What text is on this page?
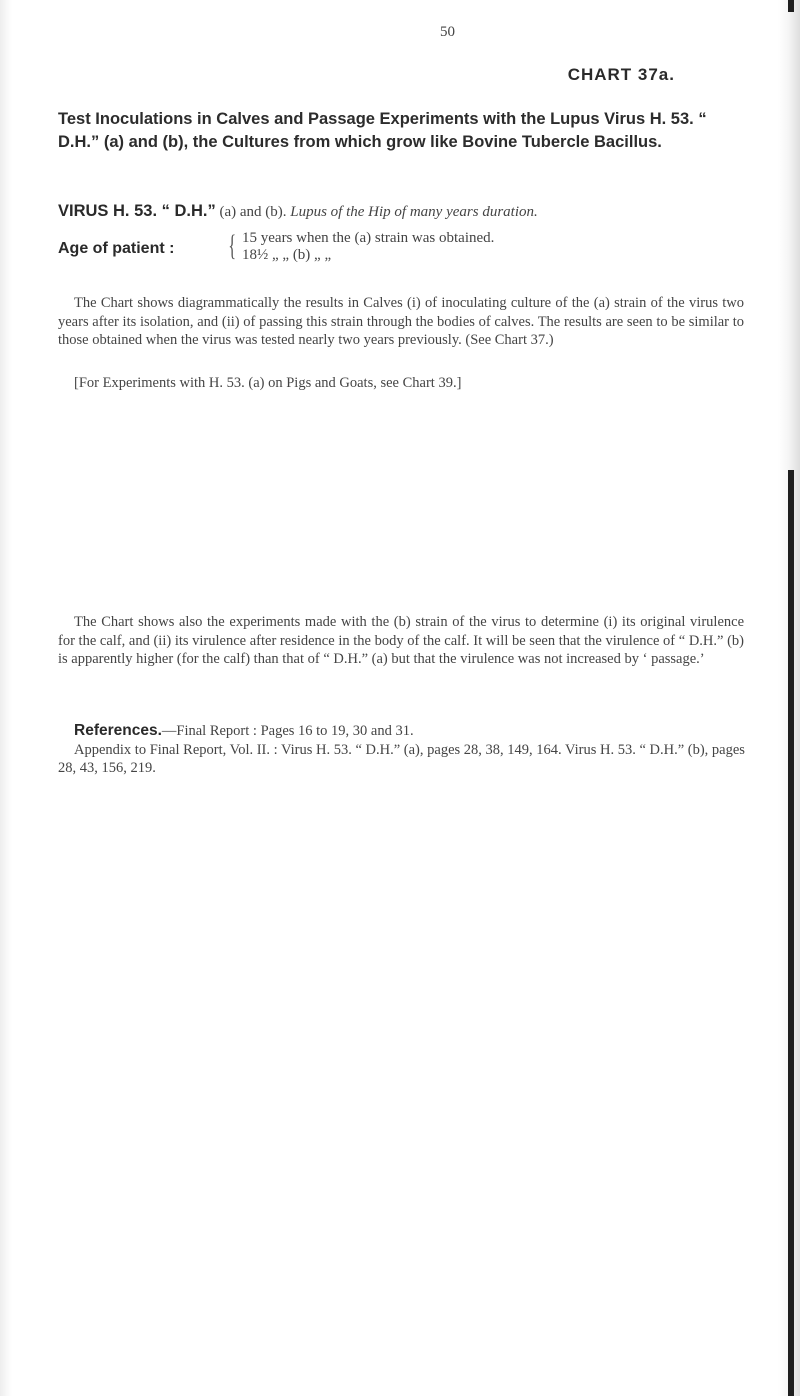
50
CHART 37a.
Test Inoculations in Calves and Passage Experiments with the Lupus Virus H. 53. “ D.H.” (a) and (b), the Cultures from which grow like Bovine Tubercle Bacillus.
VIRUS H. 53. “ D.H.” (a) and (b). Lupus of the Hip of many years duration.
Age of patient : { 15 years when the (a) strain was obtained.
18½ „ „ (b) „ „
The Chart shows diagrammatically the results in Calves (i) of inoculating culture of the (a) strain of the virus two years after its isolation, and (ii) of passing this strain through the bodies of calves. The results are seen to be similar to those obtained when the virus was tested nearly two years previously. (See Chart 37.)
[For Experiments with H. 53. (a) on Pigs and Goats, see Chart 39.]
The Chart shows also the experiments made with the (b) strain of the virus to determine (i) its original virulence for the calf, and (ii) its virulence after residence in the body of the calf. It will be seen that the virulence of “ D.H.” (b) is apparently higher (for the calf) than that of “ D.H.” (a) but that the virulence was not increased by ‘ passage.’
References.—Final Report : Pages 16 to 19, 30 and 31.
Appendix to Final Report, Vol. II. : Virus H. 53. “ D.H.” (a), pages 28, 38, 149, 164. Virus H. 53. “ D.H.” (b), pages 28, 43, 156, 219.
